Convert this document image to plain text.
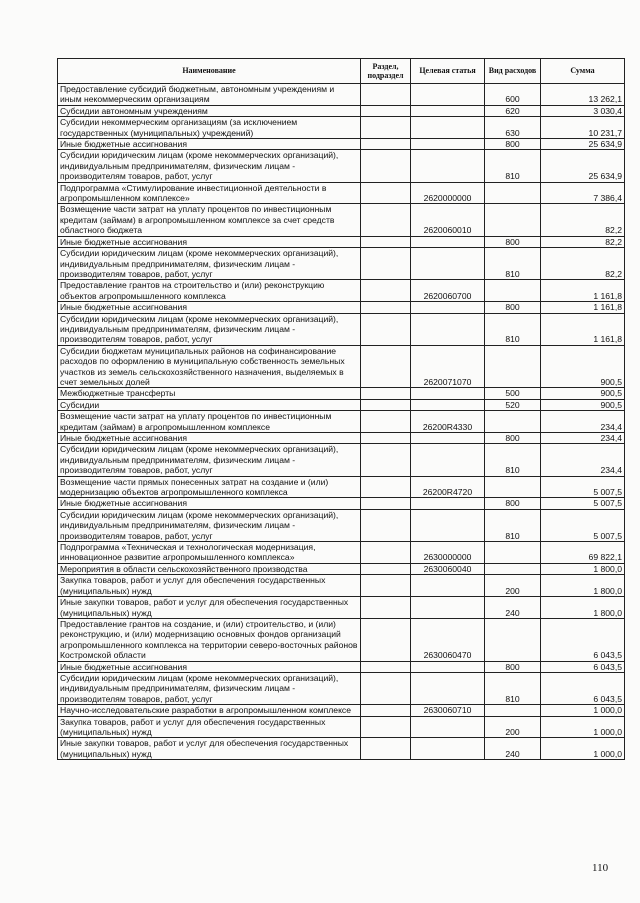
Наименование	Раздел, подраздел	Целевая статья	Вид расходов	Сумма
Предоставление субсидий бюджетным, автономным учреждениям и иным некоммерческим организациям			600	13 262,1
Субсидии автономным учреждениям			620	3 030,4
Субсидии некоммерческим организациям (за исключением государственных (муниципальных) учреждений)			630	10 231,7
Иные бюджетные ассигнования			800	25 634,9
Субсидии юридическим лицам (кроме некоммерческих организаций), индивидуальным предпринимателям, физическим лицам - производителям товаров, работ, услуг			810	25 634,9
Подпрограмма «Стимулирование инвестиционной деятельности в агропромышленном комплексе»		2620000000		7 386,4
Возмещение части затрат на уплату процентов по инвестиционным кредитам (займам) в агропромышленном комплексе за счет средств областного бюджета		2620060010		82,2
Иные бюджетные ассигнования			800	82,2
Субсидии юридическим лицам (кроме некоммерческих организаций), индивидуальным предпринимателям, физическим лицам - производителям товаров, работ, услуг			810	82,2
Предоставление грантов на строительство и (или) реконструкцию объектов агропромышленного комплекса		2620060700		1 161,8
Иные бюджетные ассигнования			800	1 161,8
Субсидии юридическим лицам (кроме некоммерческих организаций), индивидуальным предпринимателям, физическим лицам - производителям товаров, работ, услуг			810	1 161,8
Субсидии бюджетам муниципальных районов на софинансирование расходов по оформлению в муниципальную собственность земельных участков из земель сельскохозяйственного назначения, выделяемых в счет земельных долей		2620071070		900,5
Межбюджетные трансферты			500	900,5
Субсидии			520	900,5
Возмещение части затрат на уплату процентов по инвестиционным кредитам (займам) в агропромышленном комплексе		26200R4330		234,4
Иные бюджетные ассигнования			800	234,4
Субсидии юридическим лицам (кроме некоммерческих организаций), индивидуальным предпринимателям, физическим лицам - производителям товаров, работ, услуг			810	234,4
Возмещение части прямых понесенных затрат на создание и (или) модернизацию объектов агропромышленного комплекса		26200R4720		5 007,5
Иные бюджетные ассигнования			800	5 007,5
Субсидии юридическим лицам (кроме некоммерческих организаций), индивидуальным предпринимателям, физическим лицам - производителям товаров, работ, услуг			810	5 007,5
Подпрограмма «Техническая и технологическая модернизация, инновационное развитие агропромышленного комплекса»		2630000000		69 822,1
Мероприятия в области сельскохозяйственного производства		2630060040		1 800,0
Закупка товаров, работ и услуг для обеспечения государственных (муниципальных) нужд			200	1 800,0
Иные закупки товаров, работ и услуг для обеспечения государственных (муниципальных) нужд			240	1 800,0
Предоставление грантов на создание, и (или) строительство, и (или) реконструкцию, и (или) модернизацию основных фондов организаций агропромышленного комплекса на территории северо-восточных районов Костромской области		2630060470		6 043,5
Иные бюджетные ассигнования			800	6 043,5
Субсидии юридическим лицам (кроме некоммерческих организаций), индивидуальным предпринимателям, физическим лицам - производителям товаров, работ, услуг			810	6 043,5
Научно-исследовательские разработки в агропромышленном комплексе		2630060710		1 000,0
Закупка товаров, работ и услуг для обеспечения государственных (муниципальных) нужд			200	1 000,0
Иные закупки товаров, работ и услуг для обеспечения государственных (муниципальных) нужд			240	1 000,0
110
